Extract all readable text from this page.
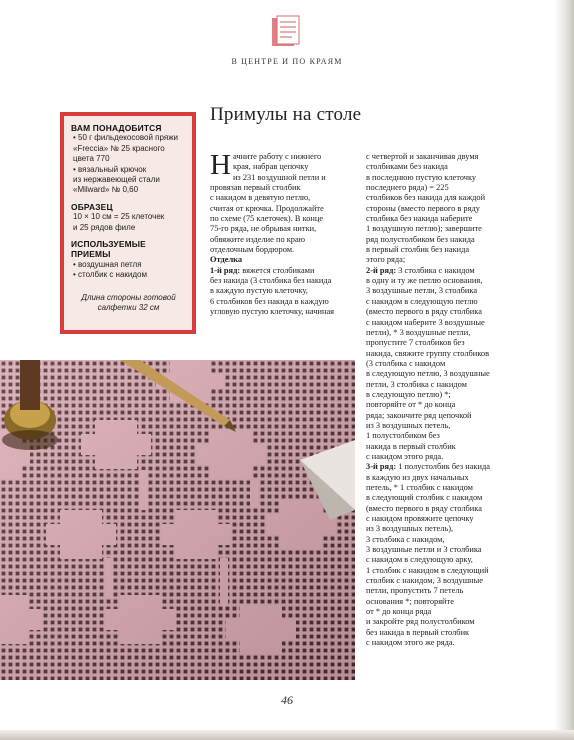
В ЦЕНТРЕ И ПО КРАЯМ
ВАМ ПОНАДОБИТСЯ
• 50 г фильдекосовой пряжи
«Freccia» № 25 красного
цвета 770
• вязальный крючок
из нержавеющей стали
«Milward» № 0,60
ОБРАЗЕЦ
10 × 10 см = 25 клеточек
и 25 рядов филе
ИСПОЛЬЗУЕМЫЕ
ПРИЕМЫ
• воздушная петля
• столбик с накидом
Длина стороны готовой
салфетки 32 см
Примулы на столе
Н ачните работу с нижнего

края, набрав цепочку

из 231 воздушной петли и

провязав первый столбик

с накидом в девятую петлю,

считая от крючка. Продолжайте

по схеме (75 клеточек). В конце

75-го ряда, не обрывая нитки,

обвяжите изделие по краю

отделочным бордюром.

Отделка

1-й ряд: вяжется столбиками

без накида (3 столбика без накида

в каждую пустую клеточку,

6 столбиков без накида в каждую

угловую пустую клеточку, начиная

с четвертой и заканчивая двумя

столбиками без накида

в последнюю пустую клеточку

последнего ряда) = 225

столбиков без накида для каждой

стороны (вместо первого в ряду

столбика без накида наберите

1 воздушную петлю); завершите

ряд полустолбиком без накида

в первый столбик без накида

этого ряда;

2-й ряд: 3 столбика с накидом

в одну и ту же петлю основания,

3 воздушные петли, 3 столбика

с накидом в следующую петлю

(вместо первого в ряду столбика

с накидом наберите 3 воздушные

петли), * 3 воздушные петли,

пропустите 7 столбиков без

накида, свяжите группу столбиков

(3 столбика с накидом

в следующую петлю, 3 воздушные

петли, 3 столбика с накидом

в следующую петлю) *;

повторяйте от * до конца

ряда; закончите ряд цепочкой

из 3 воздушных петель,

1 полустолбиком без

накида в первый столбик

с накидом этого ряда.

3-й ряд: 1 полустолбик без накида

в каждую из двух начальных

петель, * 1 столбик с накидом

в следующий столбик с накидом

(вместо первого в ряду столбика

с накидом провяжите цепочку

из 3 воздушных петель),

3 столбика с накидом,

3 воздушные петли и 3 столбика

с накидом в следующую арку,

1 столбик с накидом в следующий

столбик с накидом, 3 воздушные

петли, пропустить 7 петель

основания *; повторяйте

от * до конца ряда

и закройте ряд полустолбиком

без накида в первый столбик

с накидом этого же ряда.

46
